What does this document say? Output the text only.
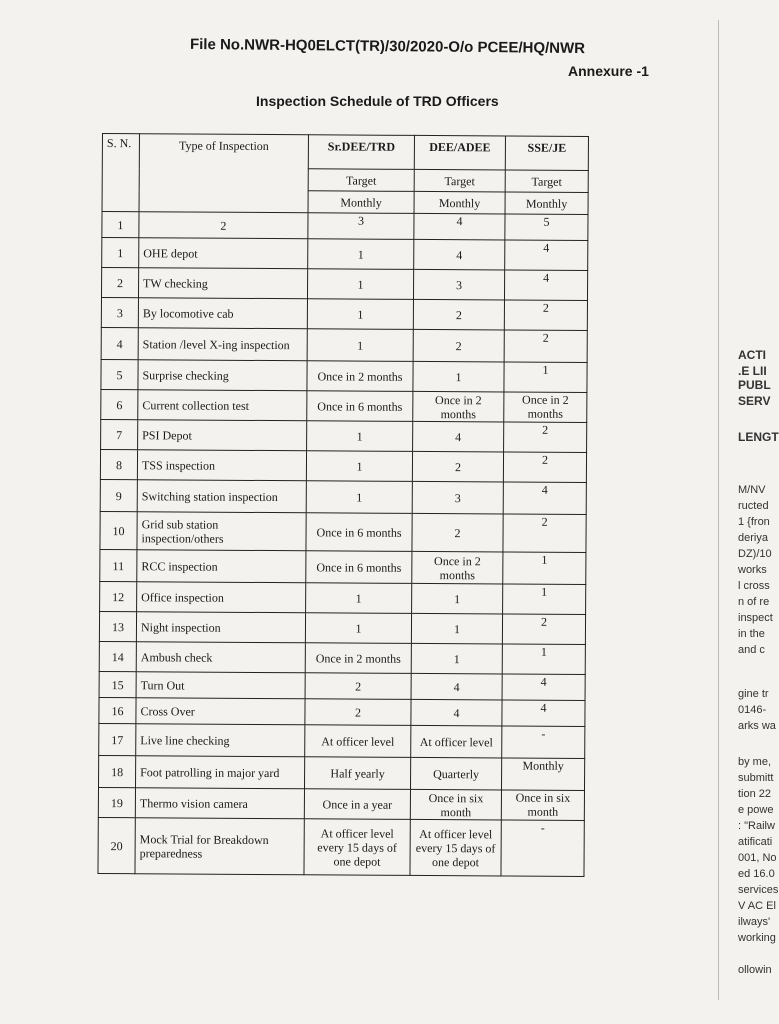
File No.NWR-HQ0ELCT(TR)/30/2020-O/o PCEE/HQ/NWR
Annexure -1
Inspection Schedule of TRD Officers
S. N.	Type of Inspection	Sr.DEE/TRD	DEE/ADEE	SSE/JE
		Target	Target	Target
		Monthly	Monthly	Monthly
1	2	3	4	5
1	OHE depot	1	4	4
2	TW checking	1	3	4
3	By locomotive cab	1	2	2
4	Station /level X-ing inspection	1	2	2
5	Surprise checking	Once in 2 months	1	1
6	Current collection test	Once in 6 months	Once in 2 months	Once in 2 months
7	PSI Depot	1	4	2
8	TSS inspection	1	2	2
9	Switching station inspection	1	3	4
10	Grid sub station inspection/others	Once in 6 months	2	2
11	RCC inspection	Once in 6 months	Once in 2 months	1
12	Office inspection	1	1	1
13	Night inspection	1	1	2
14	Ambush check	Once in 2 months	1	1
15	Turn Out	2	4	4
16	Cross Over	2	4	4
17	Live line checking	At officer level	At officer level	-
18	Foot patrolling in major yard	Half yearly	Quarterly	Monthly
19	Thermo vision camera	Once in a year	Once in six month	Once in six month
20	Mock Trial for Breakdown preparedness	At officer level every 15 days of one depot	At officer level every 15 days of one depot	-
ACTI
.E LII
PUBL
SERV
LENGT
M/NV
ructed
1 {fron
deriya
DZ)/10
works
l cross
n of re
inspect
in the
and c
gine tr
0146-
arks wa
by me,
submitt
tion 22
e powe
: "Railw
atificati
001, No
ed 16.0
services
V AC El
ilways'
working
ollowin
